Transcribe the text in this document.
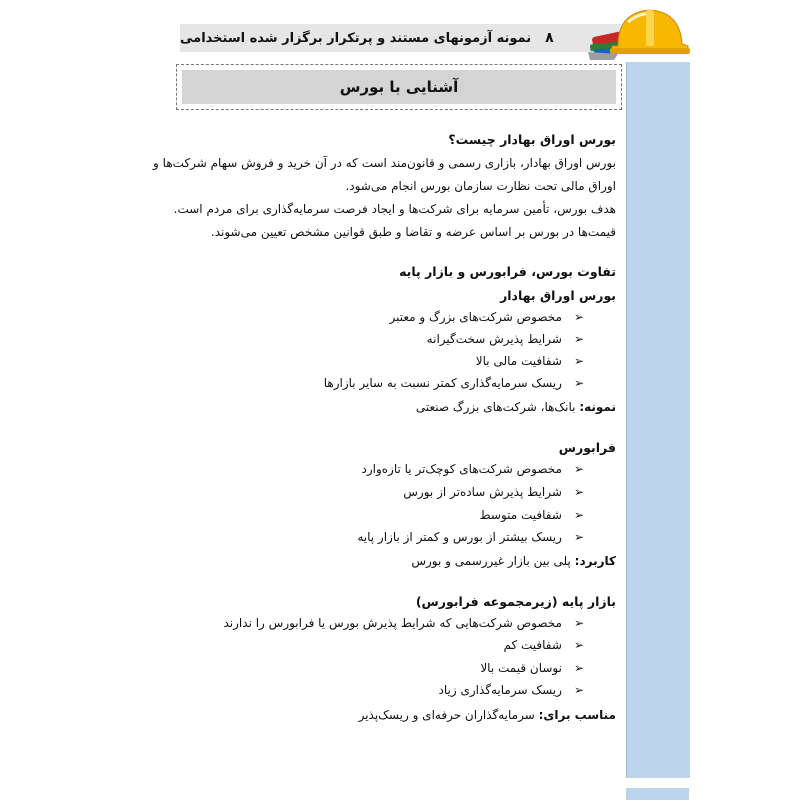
۸
نمونه آزمونهای مستند و پرتکرار برگزار شده استخدامی
آشنایی با بورس
بورس اوراق بهادار چیست؟
بورس اوراق بهادار، بازاری رسمی و قانون‌مند است که در آن خرید و فروش سهام شرکت‌ها و
اوراق مالی تحت نظارت سازمان بورس انجام می‌شود.
هدف بورس، تأمین سرمایه برای شرکت‌ها و ایجاد فرصت سرمایه‌گذاری برای مردم است.
قیمت‌ها در بورس بر اساس عرضه و تقاضا و طبق قوانین مشخص تعیین می‌شوند.
تفاوت بورس، فرابورس و بازار پایه
بورس اوراق بهادار
➢مخصوص شرکت‌های بزرگ و معتبر
➢شرایط پذیرش سخت‌گیرانه
➢شفافیت مالی بالا
➢ریسک سرمایه‌گذاری کمتر نسبت به سایر بازارها
نمونه: بانک‌ها، شرکت‌های بزرگ صنعتی
فرابورس
➢مخصوص شرکت‌های کوچک‌تر یا تازه‌وارد
➢شرایط پذیرش ساده‌تر از بورس
➢شفافیت متوسط
➢ریسک بیشتر از بورس و کمتر از بازار پایه
کاربرد: پلی بین بازار غیررسمی و بورس
بازار پایه (زیرمجموعه فرابورس)
➢مخصوص شرکت‌هایی که شرایط پذیرش بورس یا فرابورس را ندارند
➢شفافیت کم
➢نوسان قیمت بالا
➢ریسک سرمایه‌گذاری زیاد
مناسب برای: سرمایه‌گذاران حرفه‌ای و ریسک‌پذیر
